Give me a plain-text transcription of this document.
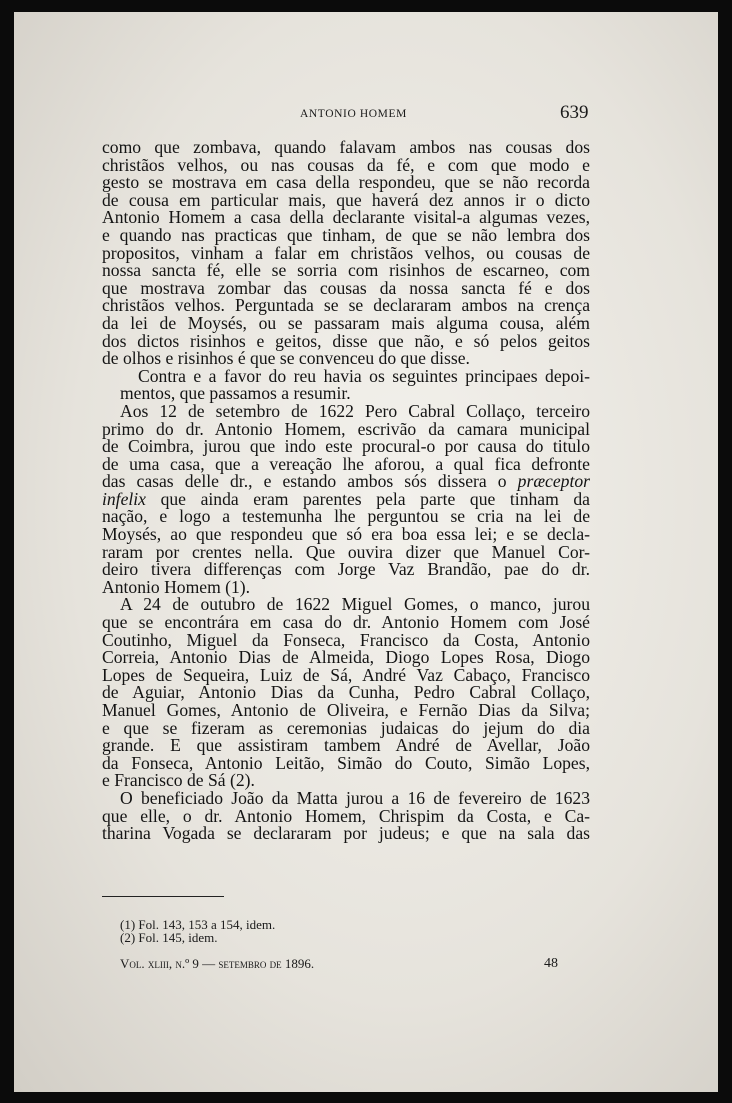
ANTONIO HOMEM	639

como que zombava, quando falavam ambos nas cousas dos
christãos velhos, ou nas cousas da fé, e com que modo e
gesto se mostrava em casa della respondeu, que se não recorda
de cousa em particular mais, que haverá dez annos ir o dicto
Antonio Homem a casa della declarante visital-a algumas vezes,
e quando nas practicas que tinham, de que se não lembra dos
propositos, vinham a falar em christãos velhos, ou cousas de
nossa sancta fé, elle se sorria com risinhos de escarneo, com
que mostrava zombar das cousas da nossa sancta fé e dos
christãos velhos. Perguntada se se declararam ambos na crença
da lei de Moysés, ou se passaram mais alguma cousa, além
dos dictos risinhos e geitos, disse que não, e só pelos geitos
de olhos e risinhos é que se convenceu do que disse.

Contra e a favor do reu havia os seguintes principaes depoi-
mentos, que passamos a resumir.

Aos 12 de setembro de 1622 Pero Cabral Collaço, terceiro
primo do dr. Antonio Homem, escrivão da camara municipal
de Coimbra, jurou que indo este procural-o por causa do titulo
de uma casa, que a vereação lhe aforou, a qual fica defronte
das casas delle dr., e estando ambos sós dissera o præceptor
infelix que ainda eram parentes pela parte que tinham da
nação, e logo a testemunha lhe perguntou se cria na lei de
Moysés, ao que respondeu que só era boa essa lei; e se decla-
raram por crentes nella. Que ouvira dizer que Manuel Cor-
deiro tivera differenças com Jorge Vaz Brandão, pae do dr.
Antonio Homem (1).

A 24 de outubro de 1622 Miguel Gomes, o manco, jurou
que se encontrára em casa do dr. Antonio Homem com José
Coutinho, Miguel da Fonseca, Francisco da Costa, Antonio
Correia, Antonio Dias de Almeida, Diogo Lopes Rosa, Diogo
Lopes de Sequeira, Luiz de Sá, André Vaz Cabaço, Francisco
de Aguiar, Antonio Dias da Cunha, Pedro Cabral Collaço,
Manuel Gomes, Antonio de Oliveira, e Fernão Dias da Silva;
e que se fizeram as ceremonias judaicas do jejum do dia
grande. E que assistiram tambem André de Avellar, João
da Fonseca, Antonio Leitão, Simão do Couto, Simão Lopes,
e Francisco de Sá (2).

O beneficiado João da Matta jurou a 16 de fevereiro de 1623
que elle, o dr. Antonio Homem, Chrispim da Costa, e Ca-
tharina Vogada se declararam por judeus; e que na sala das

(1) Fol. 143, 153 a 154, idem.
(2) Fol. 145, idem.
Vol. xliii, n.º 9 — setembro de 1896.	48
